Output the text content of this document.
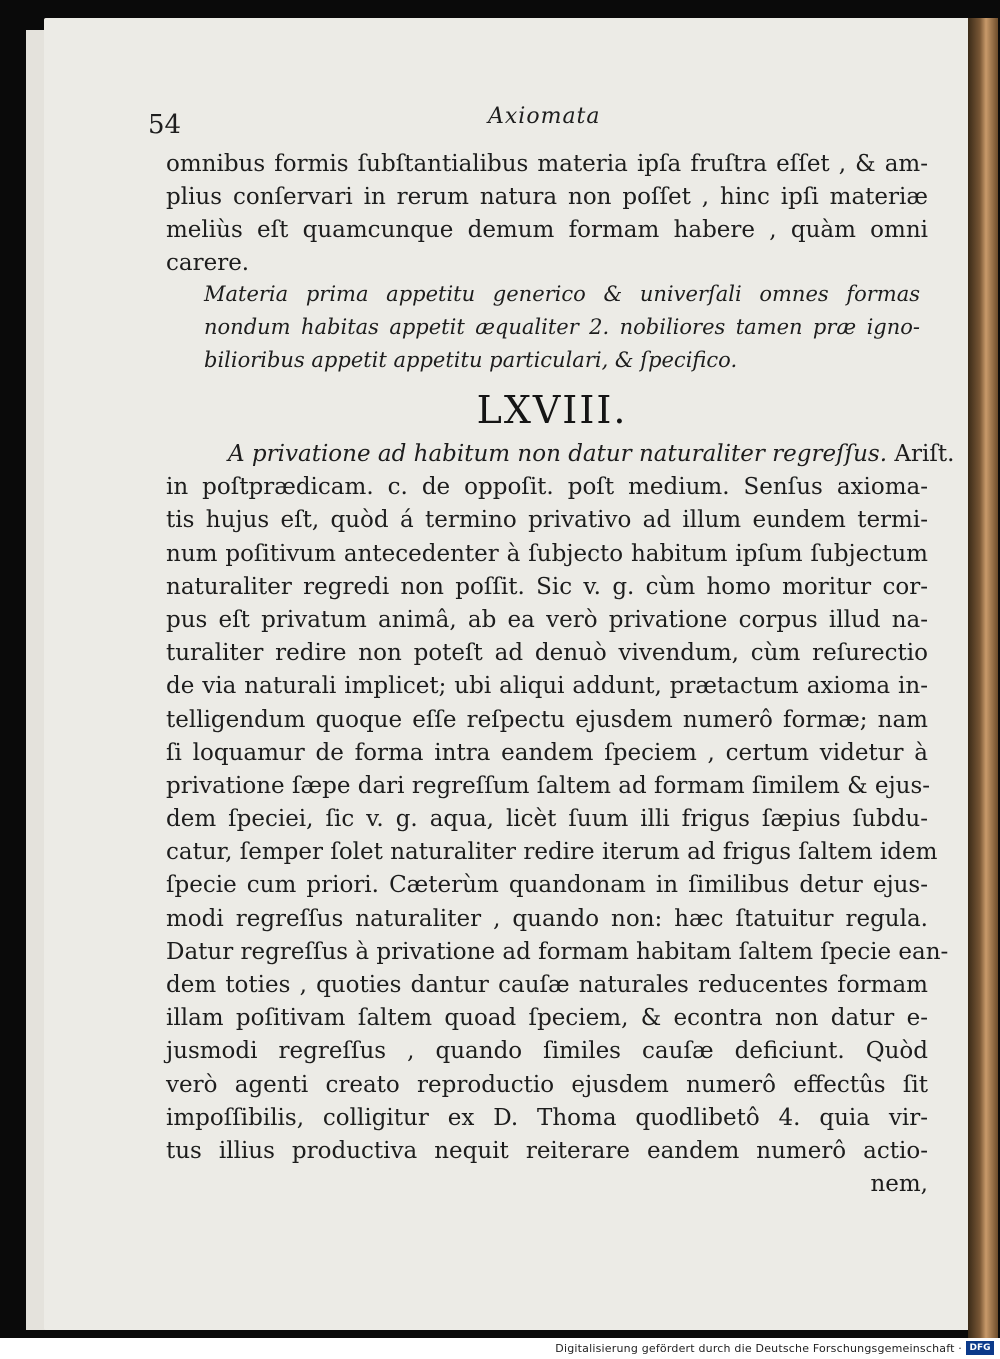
54	Axiomata
omnibus formis ſubſtantialibus materia ipſa fruſtra eſſet , & am-
plius conſervari in rerum natura non poſſet , hinc ipſi materiæ
meliùs eſt quamcunque demum formam habere , quàm omni
carere.
Materia prima appetitu generico & univerſali omnes formas
nondum habitas appetit æqualiter 2. nobiliores tamen præ igno-
bilioribus appetit appetitu particulari, & ſpecifico.
LXVIII.
A privatione ad habitum non datur naturaliter regreſſus. Ariſt.
in poſtprædicam. c. de oppoſit. poſt medium. Senſus axioma-
tis hujus eſt, quòd á termino privativo ad illum eundem termi-
num poſitivum antecedenter à ſubjecto habitum ipſum ſubjectum
naturaliter regredi non poſſit. Sic v. g. cùm homo moritur cor-
pus eſt privatum animâ, ab ea verò privatione corpus illud na-
turaliter redire non poteſt ad denuò vivendum, cùm reſurectio
de via naturali implicet; ubi aliqui addunt, prætactum axioma in-
telligendum quoque eſſe reſpectu ejusdem numerô formæ; nam
ſi loquamur de forma intra eandem ſpeciem , certum videtur à
privatione ſæpe dari regreſſum ſaltem ad formam ſimilem & ejus-
dem ſpeciei, ſic v. g. aqua, licèt ſuum illi frigus ſæpius ſubdu-
catur, ſemper ſolet naturaliter redire iterum ad frigus ſaltem idem
ſpecie cum priori. Cæterùm quandonam in ſimilibus detur ejus-
modi regreſſus naturaliter , quando non: hæc ſtatuitur regula.
Datur regreſſus à privatione ad formam habitam ſaltem ſpecie ean-
dem toties , quoties dantur cauſæ naturales reducentes formam
illam poſitivam ſaltem quoad ſpeciem, & econtra non datur e-
jusmodi regreſſus , quando ſimiles cauſæ deficiunt. Quòd
verò agenti creato reproductio ejusdem numerô effectûs ſit
impoſſibilis, colligitur ex D. Thoma quodlibetô 4. quia vir-
tus illius productiva nequit reiterare eandem numerô actio-
nem,
Digitalisierung gefördert durch die Deutsche Forschungsgemeinschaft · DFG
